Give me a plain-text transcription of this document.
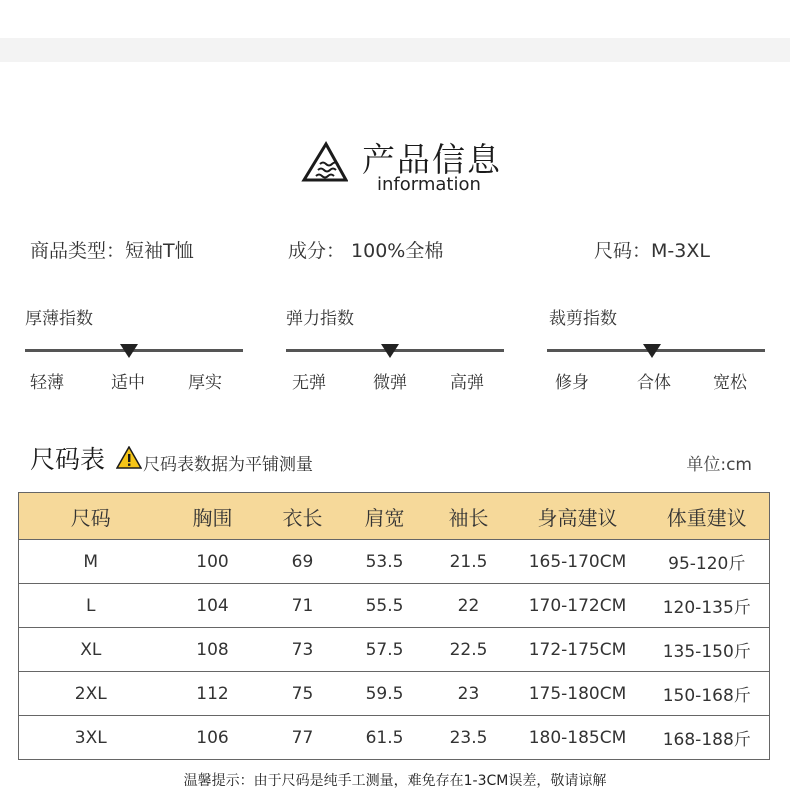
产品信息
information
商品类型：短袖T恤	成分： 100%全棉	尺码：M-3XL
厚薄指数
轻薄	适中	厚实
弹力指数
无弹	微弹	高弹
裁剪指数
修身	合体 宽松
尺码表 尺码表数据为平铺测量	单位:cm
尺码	胸围	衣长	肩宽	袖长	身高建议	体重建议
M	100	69	53.5	21.5	165-170CM	95-120斤
L	104	71	55.5	22	170-172CM	120-135斤
XL	108	73	57.5	22.5	172-175CM	135-150斤
2XL	112	75	59.5	23	175-180CM	150-168斤
3XL	106	77	61.5	23.5	180-185CM	168-188斤
温馨提示：由于尺码是纯手工测量，难免存在1-3CM误差，敬请谅解
